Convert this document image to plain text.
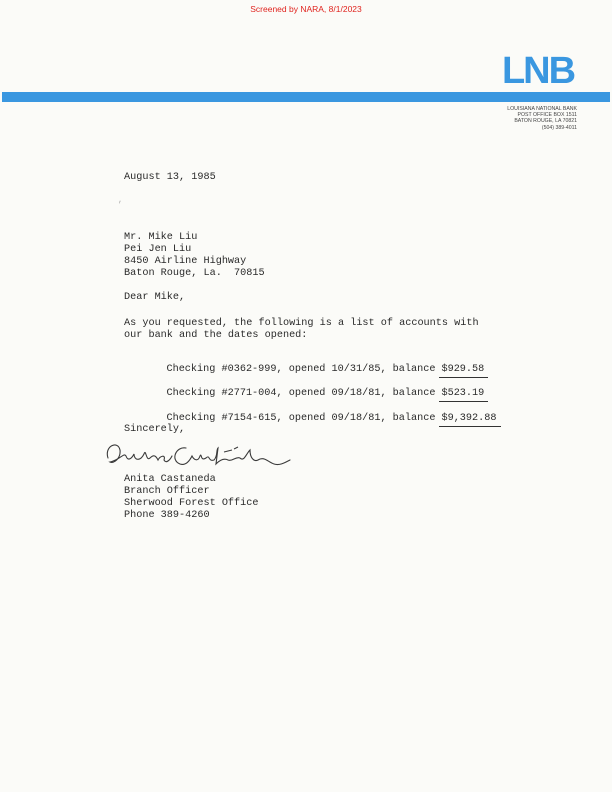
Screened by NARA, 8/1/2023
LNB
LOUISIANA NATIONAL BANK
POST OFFICE BOX 1511
BATON ROUGE, LA 70821
(504) 389-4011
August 13, 1985
,
Mr. Mike Liu
Pei Jen Liu
8450 Airline Highway
Baton Rouge, La.  70815
Dear Mike,
As you requested, the following is a list of accounts with
our bank and the dates opened:

Checking #0362-999, opened 10/31/85, balance $929.58

Checking #2771-004, opened 09/18/81, balance $523.19

Checking #7154-615, opened 09/18/81, balance $9,392.88

Sincerely,
Anita Castaneda
Branch Officer
Sherwood Forest Office
Phone 389-4260
